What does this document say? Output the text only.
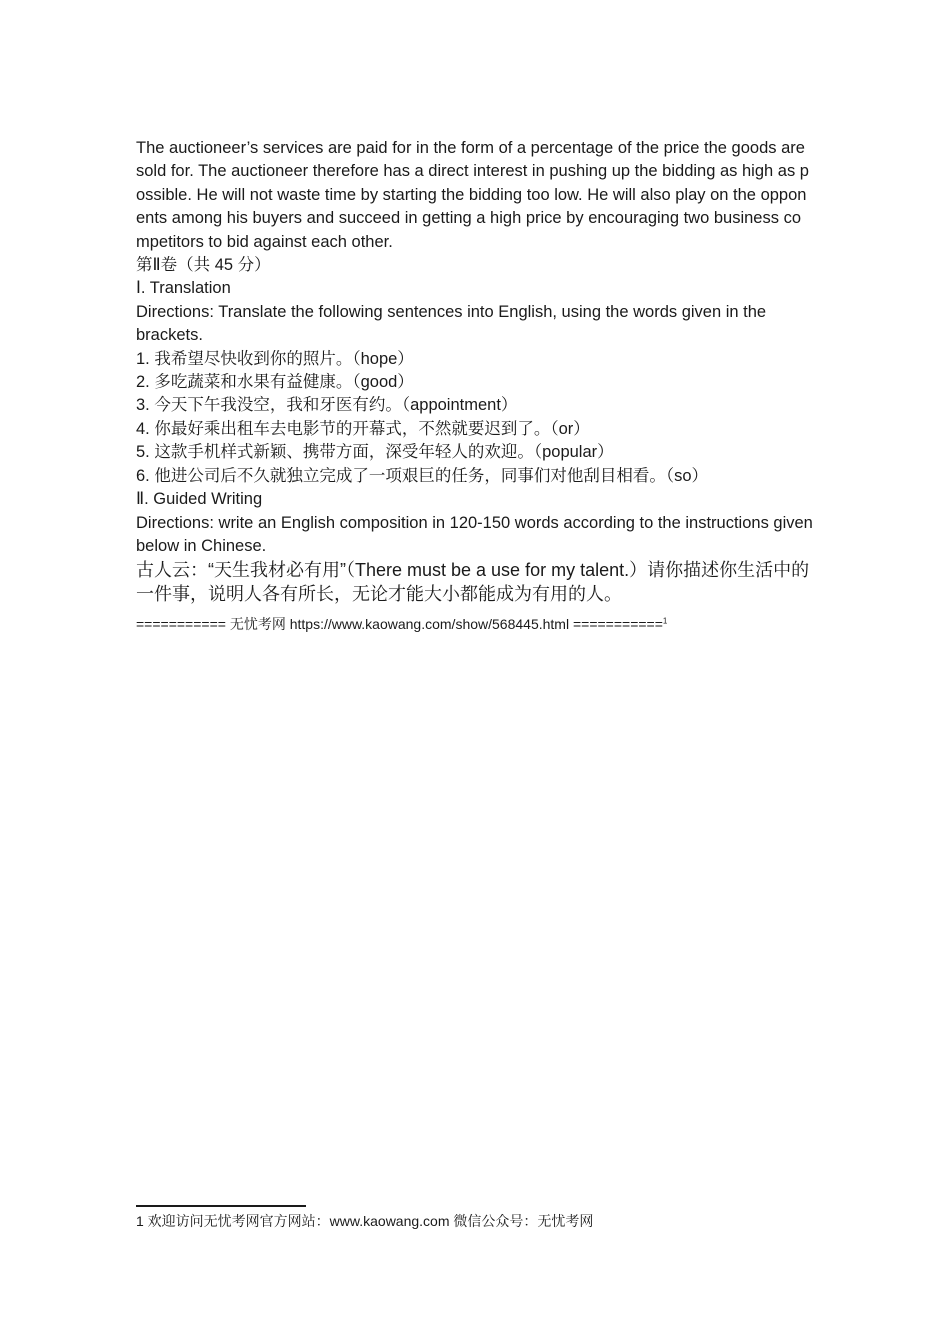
The auctioneer’s services are paid for in the form of a percentage of the price the goods are sold for. The auctioneer therefore has a direct interest in pushing up the bidding as high as possible. He will not waste time by starting the bidding too low. He will also play on the opponents among his buyers and succeed in getting a high price by encouraging two business competitors to bid against each other.

第Ⅱ卷（共 45 分）

Ⅰ. Translation

Directions: Translate the following sentences into English, using the words given in the brackets.

1. 我希望尽快收到你的照片。（hope）

2. 多吃蔬菜和水果有益健康。（good）

3. 今天下午我没空，我和牙医有约。（appointment）

4. 你最好乘出租车去电影节的开幕式，不然就要迟到了。（or）

5. 这款手机样式新颖、携带方面，深受年轻人的欢迎。（popular）

6. 他进公司后不久就独立完成了一项艰巨的任务，同事们对他刮目相看。（so）

Ⅱ. Guided Writing

Directions: write an English composition in 120-150 words according to the instructions given below in Chinese.

古人云：“天生我材必有用”（There must be a use for my talent.）请你描述你生活中的一件事，说明人各有所长，无论才能大小都能成为有用的人。

=========== 无忧考网 https://www.kaowang.com/show/568445.html ===========$^1$

1 欢迎访问无忧考网官方网站：www.kaowang.com 微信公众号：无忧考网
